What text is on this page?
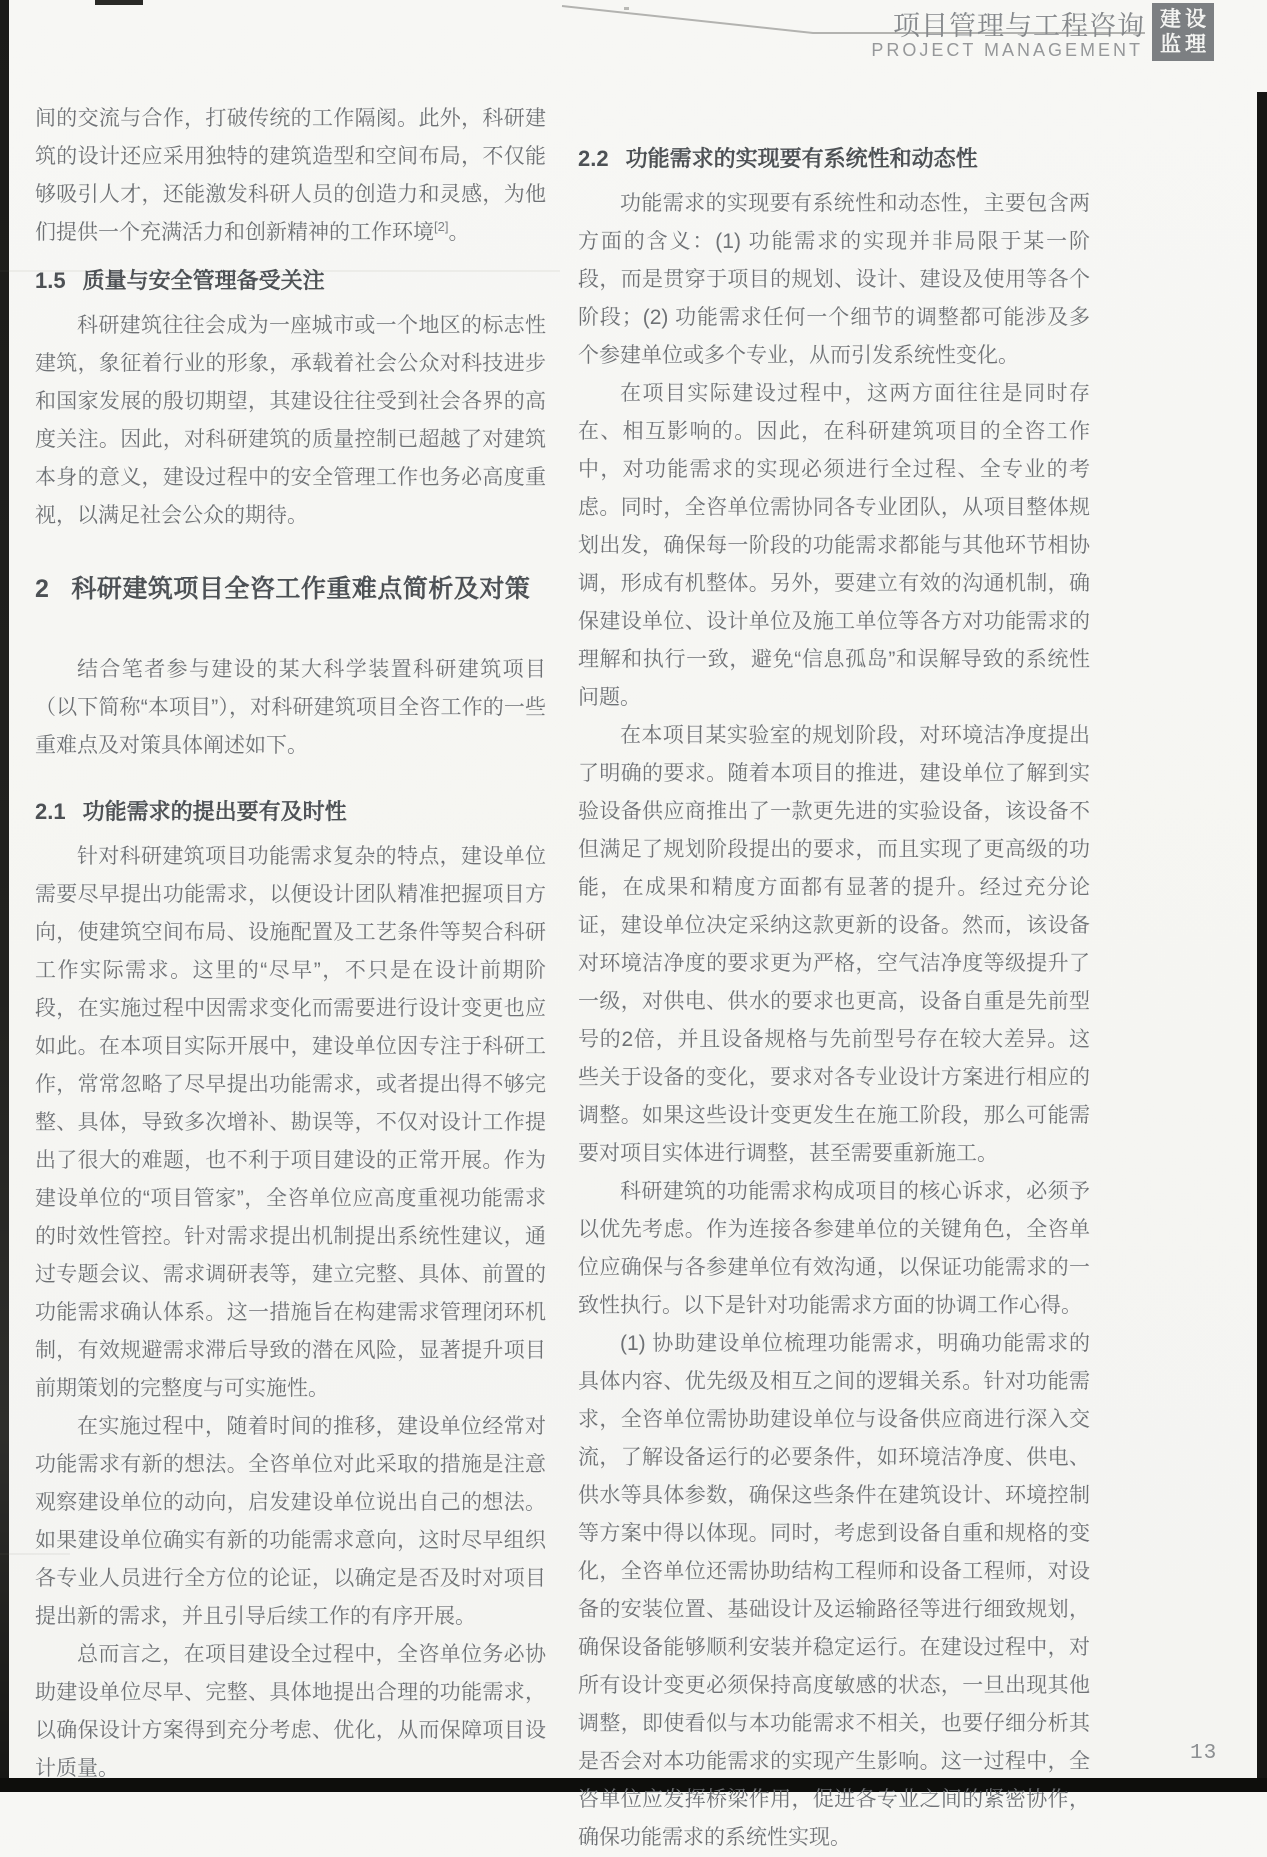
项目管理与工程咨询
PROJECT MANAGEMENT
建设
监理

间的交流与合作，打破传统的工作隔阂。此外，科研建筑的设计还应采用独特的建筑造型和空间布局，不仅能够吸引人才，还能激发科研人员的创造力和灵感，为他们提供一个充满活力和创新精神的工作环境[2]。

1.5 质量与安全管理备受关注

科研建筑往往会成为一座城市或一个地区的标志性建筑，象征着行业的形象，承载着社会公众对科技进步和国家发展的殷切期望，其建设往往受到社会各界的高度关注。因此，对科研建筑的质量控制已超越了对建筑本身的意义，建设过程中的安全管理工作也务必高度重视，以满足社会公众的期待。

2 科研建筑项目全咨工作重难点简析及对策

结合笔者参与建设的某大科学装置科研建筑项目（以下简称“本项目”），对科研建筑项目全咨工作的一些重难点及对策具体阐述如下。

2.1 功能需求的提出要有及时性

针对科研建筑项目功能需求复杂的特点，建设单位需要尽早提出功能需求，以便设计团队精准把握项目方向，使建筑空间布局、设施配置及工艺条件等契合科研工作实际需求。这里的“尽早”，不只是在设计前期阶段，在实施过程中因需求变化而需要进行设计变更也应如此。在本项目实际开展中，建设单位因专注于科研工作，常常忽略了尽早提出功能需求，或者提出得不够完整、具体，导致多次增补、勘误等，不仅对设计工作提出了很大的难题，也不利于项目建设的正常开展。作为建设单位的“项目管家”，全咨单位应高度重视功能需求的时效性管控。针对需求提出机制提出系统性建议，通过专题会议、需求调研表等，建立完整、具体、前置的功能需求确认体系。这一措施旨在构建需求管理闭环机制，有效规避需求滞后导致的潜在风险，显著提升项目前期策划的完整度与可实施性。

在实施过程中，随着时间的推移，建设单位经常对功能需求有新的想法。全咨单位对此采取的措施是注意观察建设单位的动向，启发建设单位说出自己的想法。如果建设单位确实有新的功能需求意向，这时尽早组织各专业人员进行全方位的论证，以确定是否及时对项目提出新的需求，并且引导后续工作的有序开展。

总而言之，在项目建设全过程中，全咨单位务必协助建设单位尽早、完整、具体地提出合理的功能需求，以确保设计方案得到充分考虑、优化，从而保障项目设计质量。

2.2 功能需求的实现要有系统性和动态性

功能需求的实现要有系统性和动态性，主要包含两方面的含义：(1) 功能需求的实现并非局限于某一阶段，而是贯穿于项目的规划、设计、建设及使用等各个阶段；(2) 功能需求任何一个细节的调整都可能涉及多个参建单位或多个专业，从而引发系统性变化。

在项目实际建设过程中，这两方面往往是同时存在、相互影响的。因此，在科研建筑项目的全咨工作中，对功能需求的实现必须进行全过程、全专业的考虑。同时，全咨单位需协同各专业团队，从项目整体规划出发，确保每一阶段的功能需求都能与其他环节相协调，形成有机整体。另外，要建立有效的沟通机制，确保建设单位、设计单位及施工单位等各方对功能需求的理解和执行一致，避免“信息孤岛”和误解导致的系统性问题。

在本项目某实验室的规划阶段，对环境洁净度提出了明确的要求。随着本项目的推进，建设单位了解到实验设备供应商推出了一款更先进的实验设备，该设备不但满足了规划阶段提出的要求，而且实现了更高级的功能，在成果和精度方面都有显著的提升。经过充分论证，建设单位决定采纳这款更新的设备。然而，该设备对环境洁净度的要求更为严格，空气洁净度等级提升了一级，对供电、供水的要求也更高，设备自重是先前型号的2倍，并且设备规格与先前型号存在较大差异。这些关于设备的变化，要求对各专业设计方案进行相应的调整。如果这些设计变更发生在施工阶段，那么可能需要对项目实体进行调整，甚至需要重新施工。

科研建筑的功能需求构成项目的核心诉求，必须予以优先考虑。作为连接各参建单位的关键角色，全咨单位应确保与各参建单位有效沟通，以保证功能需求的一致性执行。以下是针对功能需求方面的协调工作心得。

(1) 协助建设单位梳理功能需求，明确功能需求的具体内容、优先级及相互之间的逻辑关系。针对功能需求，全咨单位需协助建设单位与设备供应商进行深入交流，了解设备运行的必要条件，如环境洁净度、供电、供水等具体参数，确保这些条件在建筑设计、环境控制等方案中得以体现。同时，考虑到设备自重和规格的变化，全咨单位还需协助结构工程师和设备工程师，对设备的安装位置、基础设计及运输路径等进行细致规划，确保设备能够顺利安装并稳定运行。在建设过程中，对所有设计变更必须保持高度敏感的状态，一旦出现其他调整，即使看似与本功能需求不相关，也要仔细分析其是否会对本功能需求的实现产生影响。这一过程中，全咨单位应发挥桥梁作用，促进各专业之间的紧密协作，确保功能需求的系统性实现。

13
